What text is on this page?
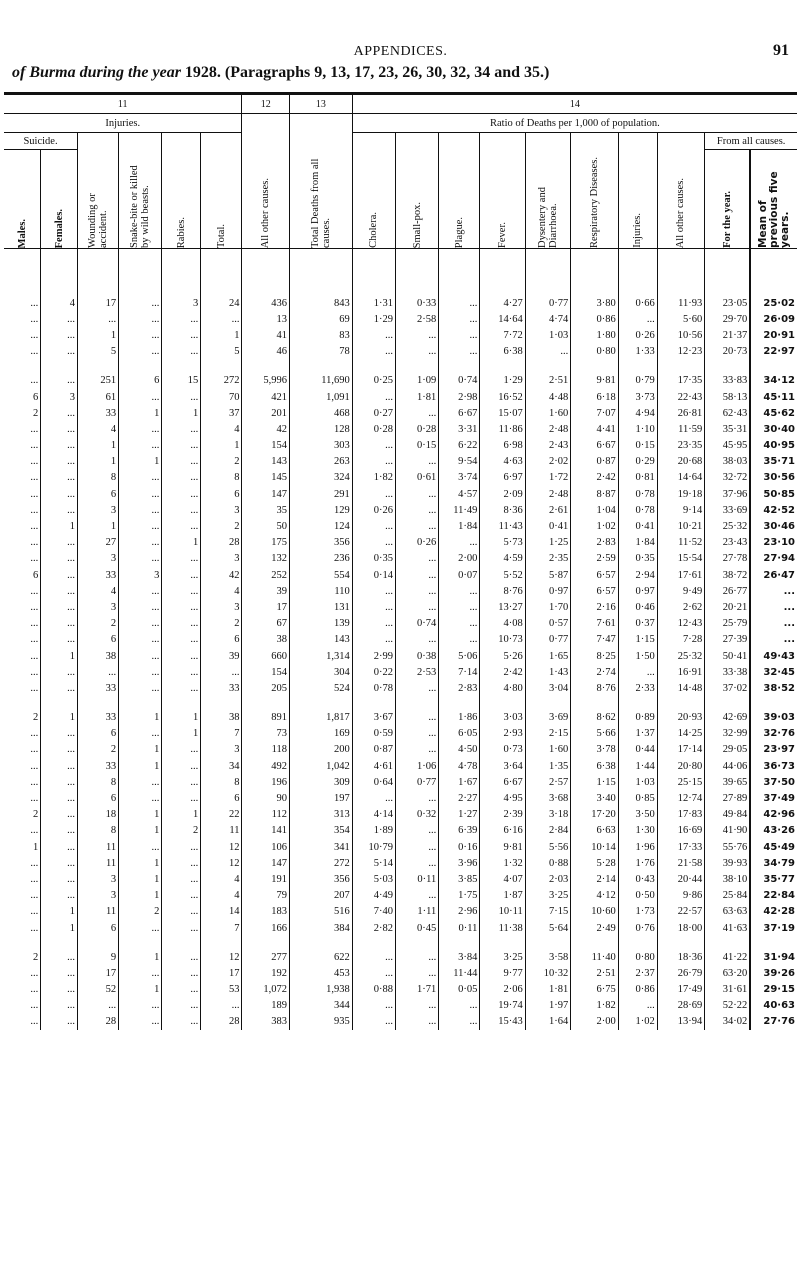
APPENDICES.	91
of Burma during the year 1928. (Paragraphs 9, 13, 17, 23, 26, 30, 32, 34 and 35.)
11						12	13	14									
Injuries.						All other causes.	Total Deaths from all causes.	Ratio of Deaths per 1,000 of population.									
Suicide.		Wounding or accident.	Snake-bite or killed by wild beasts.	Rabies.	Total.			Cholera.	Small-pox.	Plague.	Fever.	Dysentery and Diarrhoea.	Respiratory Diseases.	Injuries.	All other causes.	From all causes.	

Males.	Females.															For the year.	Mean of previous five years.

...	4	17	...	3	24	436	843	1·31	0·33	...	4·27	0·77	3·80	0·66	11·93	23·05	25·02
...	...	...	...	...	...	13	69	1·29	2·58	...	14·64	4·74	0·86	...	5·60	29·70	26·09
...	...	1	...	...	1	41	83	...	...	...	7·72	1·03	1·80	0·26	10·56	21·37	20·91
...	...	5	...	...	5	46	78	...	...	...	6·38	...	0·80	1·33	12·23	20·73	22·97

...	...	251	6	15	272	5,996	11,690	0·25	1·09	0·74	1·29	2·51	9·81	0·79	17·35	33·83	34·12
6	3	61	...	...	70	421	1,091	...	1·81	2·98	16·52	4·48	6·18	3·73	22·43	58·13	45·11
2	...	33	1	1	37	201	468	0·27	...	6·67	15·07	1·60	7·07	4·94	26·81	62·43	45·62
...	...	4	...	...	4	42	128	0·28	0·28	3·31	11·86	2·48	4·41	1·10	11·59	35·31	30·40
...	...	1	...	...	1	154	303	...	0·15	6·22	6·98	2·43	6·67	0·15	23·35	45·95	40·95
...	...	1	1	...	2	143	263	...	...	9·54	4·63	2·02	0·87	0·29	20·68	38·03	35·71
...	...	8	...	...	8	145	324	1·82	0·61	3·74	6·97	1·72	2·42	0·81	14·64	32·72	30·56
...	...	6	...	...	6	147	291	...	...	4·57	2·09	2·48	8·87	0·78	19·18	37·96	50·85
...	...	3	...	...	3	35	129	0·26	...	11·49	8·36	2·61	1·04	0·78	9·14	33·69	42·52
...	1	1	...	...	2	50	124	...	...	1·84	11·43	0·41	1·02	0·41	10·21	25·32	30·46
...	...	27	...	1	28	175	356	...	0·26	...	5·73	1·25	2·83	1·84	11·52	23·43	23·10
...	...	3	...	...	3	132	236	0·35	...	2·00	4·59	2·35	2·59	0·35	15·54	27·78	27·94
6	...	33	3	...	42	252	554	0·14	...	0·07	5·52	5·87	6·57	2·94	17·61	38·72	26·47
...	...	4	...	...	4	39	110	...	...	...	8·76	0·97	6·57	0·97	9·49	26·77	...
...	...	3	...	...	3	17	131	...	...	...	13·27	1·70	2·16	0·46	2·62	20·21	...
...	...	2	...	...	2	67	139	...	0·74	...	4·08	0·57	7·61	0·37	12·43	25·79	...
...	...	6	...	...	6	38	143	...	...	...	10·73	0·77	7·47	1·15	7·28	27·39	...
...	1	38	...	...	39	660	1,314	2·99	0·38	5·06	5·26	1·65	8·25	1·50	25·32	50·41	49·43
...	...	...	...	...	...	154	304	0·22	2·53	7·14	2·42	1·43	2·74	...	16·91	33·38	32·45
...	...	33	...	...	33	205	524	0·78	...	2·83	4·80	3·04	8·76	2·33	14·48	37·02	38·52

2	1	33	1	1	38	891	1,817	3·67	...	1·86	3·03	3·69	8·62	0·89	20·93	42·69	39·03
...	...	6	...	1	7	73	169	0·59	...	6·05	2·93	2·15	5·66	1·37	14·25	32·99	32·76
...	...	2	1	...	3	118	200	0·87	...	4·50	0·73	1·60	3·78	0·44	17·14	29·05	23·97
...	...	33	1	...	34	492	1,042	4·61	1·06	4·78	3·64	1·35	6·38	1·44	20·80	44·06	36·73
...	...	8	...	...	8	196	309	0·64	0·77	1·67	6·67	2·57	1·15	1·03	25·15	39·65	37·50
...	...	6	...	...	6	90	197	...	...	2·27	4·95	3·68	3·40	0·85	12·74	27·89	37·49
2	...	18	1	1	22	112	313	4·14	0·32	1·27	2·39	3·18	17·20	3·50	17·83	49·84	42·96
...	...	8	1	2	11	141	354	1·89	...	6·39	6·16	2·84	6·63	1·30	16·69	41·90	43·26
1	...	11	...	...	12	106	341	10·79	...	0·16	9·81	5·56	10·14	1·96	17·33	55·76	45·49
...	...	11	1	...	12	147	272	5·14	...	3·96	1·32	0·88	5·28	1·76	21·58	39·93	34·79
...	...	3	1	...	4	191	356	5·03	0·11	3·85	4·07	2·03	2·14	0·43	20·44	38·10	35·77
...	...	3	1	...	4	79	207	4·49	...	1·75	1·87	3·25	4·12	0·50	9·86	25·84	22·84
...	1	11	2	...	14	183	516	7·40	1·11	2·96	10·11	7·15	10·60	1·73	22·57	63·63	42·28
...	1	6	...	...	7	166	384	2·82	0·45	0·11	11·38	5·64	2·49	0·76	18·00	41·63	37·19

2	...	9	1	...	12	277	622	...	...	3·84	3·25	3·58	11·40	0·80	18·36	41·22	31·94
...	...	17	...	...	17	192	453	...	...	11·44	9·77	10·32	2·51	2·37	26·79	63·20	39·26
...	...	52	1	...	53	1,072	1,938	0·88	1·71	0·05	2·06	1·81	6·75	0·86	17·49	31·61	29·15
...	...	...	...	...	...	189	344	...	...	...	19·74	1·97	1·82	...	28·69	52·22	40·63
...	...	28	...	...	28	383	935	...	...	...	15·43	1·64	2·00	1·02	13·94	34·02	27·76
